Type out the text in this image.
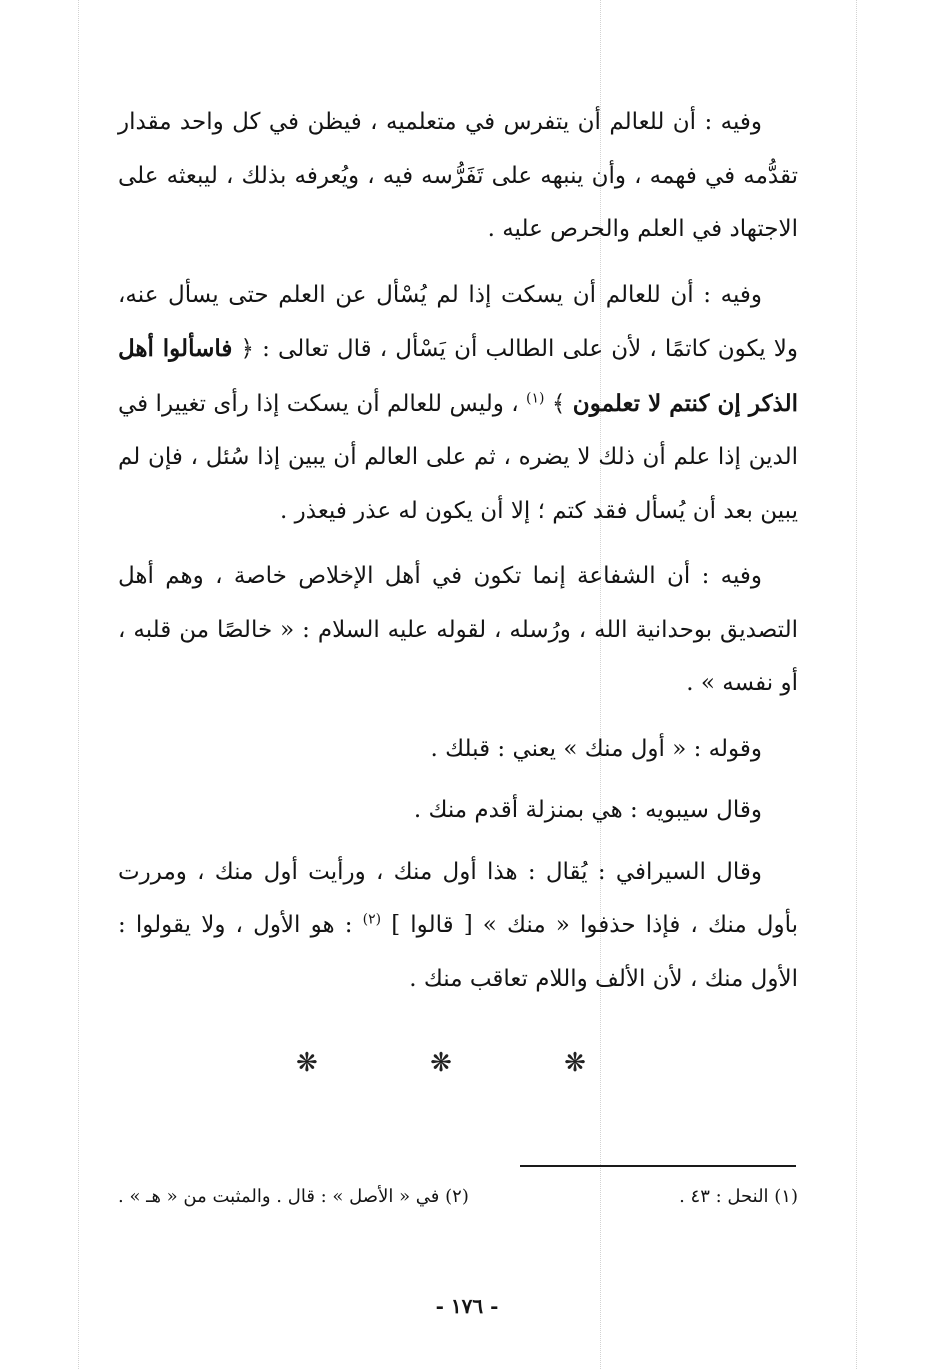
وفيه : أن للعالم أن يتفرس في متعلميه ، فيظن في كل واحد مقدار تقدُّمه في فهمه ، وأن ينبهه على تَفَرُّسه فيه ، ويُعرفه بذلك ، ليبعثه على الاجتهاد في العلم والحرص عليه .

وفيه : أن للعالم أن يسكت إذا لم يُسْأل عن العلم حتى يسأل عنه، ولا يكون كاتمًا ، لأن على الطالب أن يَسْأل ، قال تعالى : ﴿ فاسألوا أهل الذكر إن كنتم لا تعلمون ﴾ $^{(١)}$ ، وليس للعالم أن يسكت إذا رأى تغييرا في الدين إذا علم أن ذلك لا يضره ، ثم على العالم أن يبين إذا سُئل ، فإن لم يبين بعد أن يُسأل فقد كتم ؛ إلا أن يكون له عذر فيعذر .

وفيه : أن الشفاعة إنما تكون في أهل الإخلاص خاصة ، وهم أهل التصديق بوحدانية الله ، ورُسله ، لقوله عليه السلام : « خالصًا من قلبه ، أو نفسه » .

وقوله : « أول منك » يعني : قبلك .

وقال سيبويه : هي بمنزلة أقدم منك .

وقال السيرافي : يُقال : هذا أول منك ، ورأيت أول منك ، ومررت بأول منك ، فإذا حذفوا « منك » [ قالوا ] $^{(٢)}$ : هو الأول ، ولا يقولوا : الأول منك ، لأن الألف واللام تعاقب منك .

❋ ❋ ❋
(١) النحل : ٤٣ .
(٢) في « الأصل » : قال . والمثبت من « هـ » .
- ١٧٦ -
